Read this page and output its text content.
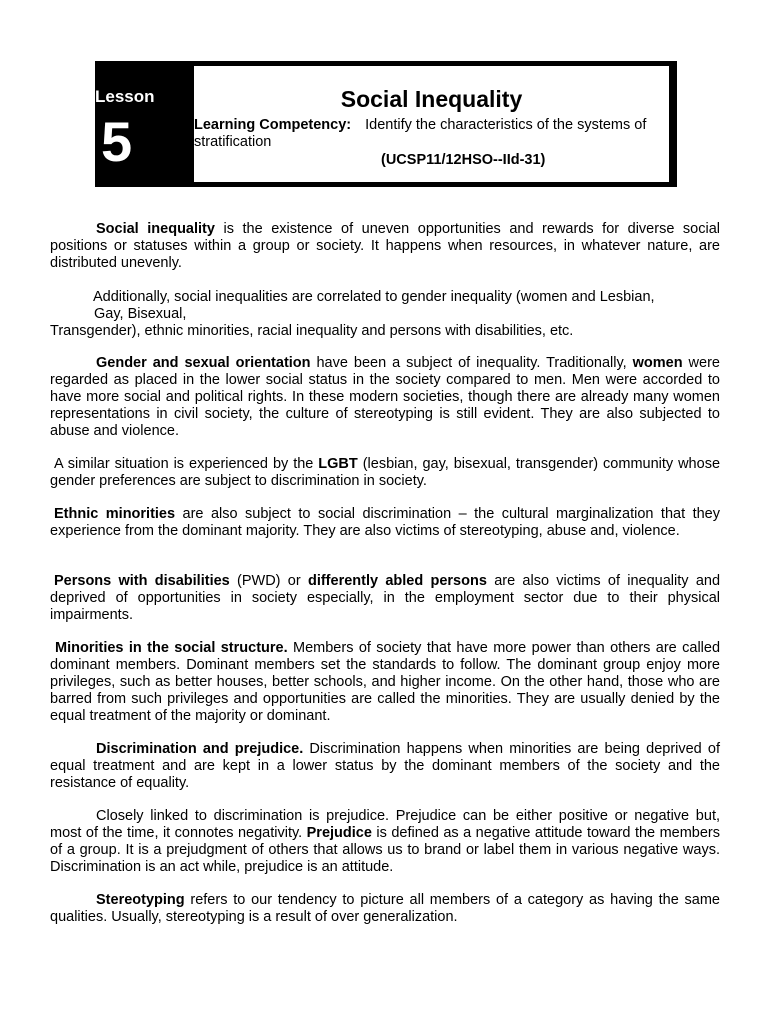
Lesson
5
Social Inequality
Learning Competency: Identify the characteristics of the systems of stratification
(UCSP11/12HSO--IId-31)
Social inequality is the existence of uneven opportunities and rewards for diverse social positions or statuses within a group or society. It happens when resources, in whatever nature, are distributed unevenly.
Additionally, social inequalities are correlated to gender inequality (women and Lesbian,
Gay, Bisexual,
Transgender), ethnic minorities, racial inequality and persons with disabilities, etc.
Gender and sexual orientation have been a subject of inequality. Traditionally, women were regarded as placed in the lower social status in the society compared to men. Men were accorded to have more social and political rights. In these modern societies, though there are already many women representations in civil society, the culture of stereotyping is still evident. They are also subjected to abuse and violence.
A similar situation is experienced by the LGBT (lesbian, gay, bisexual, transgender) community whose gender preferences are subject to discrimination in society.
Ethnic minorities are also subject to social discrimination – the cultural marginalization that they experience from the dominant majority. They are also victims of stereotyping, abuse and, violence.
Persons with disabilities (PWD) or differently abled persons are also victims of inequality and deprived of opportunities in society especially, in the employment sector due to their physical impairments.
Minorities in the social structure. Members of society that have more power than others are called dominant members. Dominant members set the standards to follow. The dominant group enjoy more privileges, such as better houses, better schools, and higher income. On the other hand, those who are barred from such privileges and opportunities are called the minorities. They are usually denied by the equal treatment of the majority or dominant.
Discrimination and prejudice. Discrimination happens when minorities are being deprived of equal treatment and are kept in a lower status by the dominant members of the society and the resistance of equality.
Closely linked to discrimination is prejudice. Prejudice can be either positive or negative but, most of the time, it connotes negativity. Prejudice is defined as a negative attitude toward the members of a group. It is a prejudgment of others that allows us to brand or label them in various negative ways. Discrimination is an act while, prejudice is an attitude.
Stereotyping refers to our tendency to picture all members of a category as having the same qualities. Usually, stereotyping is a result of over generalization.
